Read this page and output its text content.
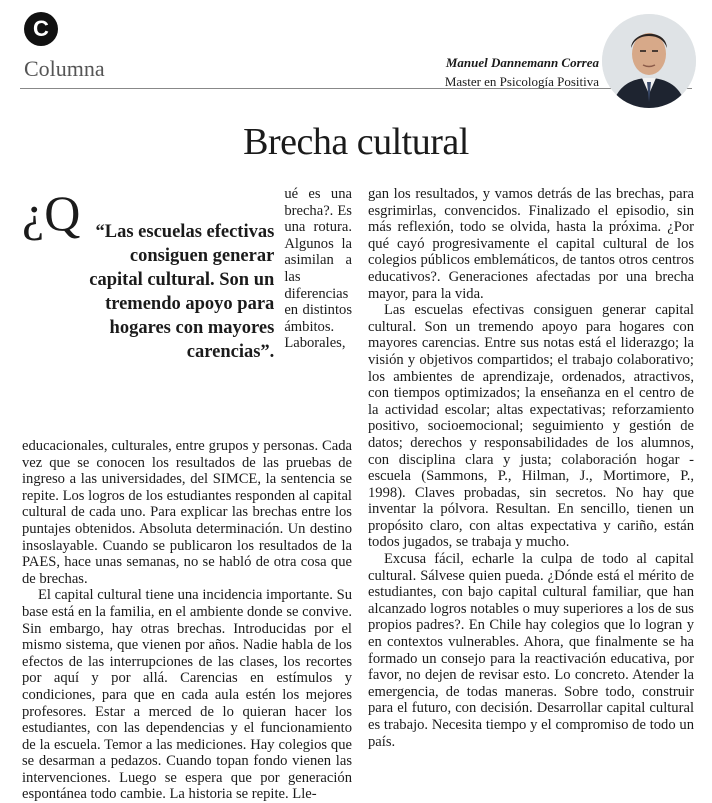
C
Columna	Manuel Dannemann Correa
Master en Psicología Positiva
Brecha cultural

¿Q “Las escuelas efectivas consiguen generar capital cultural. Son un tremendo apoyo para hogares con mayores carencias”.
ué es una brecha?. Es una rotura. Algunos la asimilan a las diferencias en distintos ámbitos. Laborales, educacionales, culturales, entre grupos y personas. Cada vez que se conocen los resultados de las pruebas de ingreso a las universidades, del SIMCE, la sentencia se repite. Los logros de los estudiantes responden al capital cultural de cada uno. Para explicar las brechas entre los puntajes obtenidos. Absoluta determinación. Un destino insoslayable. Cuando se publicaron los resultados de la PAES, hace unas semanas, no se habló de otra cosa que de brechas.

El capital cultural tiene una incidencia importante. Su base está en la familia, en el ambiente donde se convive. Sin embargo, hay otras brechas. Introducidas por el mismo sistema, que vienen por años. Nadie habla de los efectos de las interrupciones de las clases, los recortes por aquí y por allá. Carencias en estímulos y condiciones, para que en cada aula estén los mejores profesores. Estar a merced de lo quieran hacer los estudiantes, con las dependencias y el funcionamiento de la escuela. Temor a las mediciones. Hay colegios que se desarman a pedazos. Cuando topan fondo vienen las intervenciones. Luego se espera que por generación espontánea todo cambie. La historia se repite. Lle-

gan los resultados, y vamos detrás de las brechas, para esgrimirlas, convencidos. Finalizado el episodio, sin más reflexión, todo se olvida, hasta la próxima. ¿Por qué cayó progresivamente el capital cultural de los colegios públicos emblemáticos, de tantos otros centros educativos?. Generaciones afectadas por una brecha mayor, para la vida.

Las escuelas efectivas consiguen generar capital cultural. Son un tremendo apoyo para hogares con mayores carencias. Entre sus notas está el liderazgo; la visión y objetivos compartidos; el trabajo colaborativo; los ambientes de aprendizaje, ordenados, atractivos, con tiempos optimizados; la enseñanza en el centro de la actividad escolar; altas expectativas; reforzamiento positivo, socioemocional; seguimiento y gestión de datos; derechos y responsabilidades de los alumnos, con disciplina clara y justa; colaboración hogar - escuela (Sammons, P., Hilman, J., Mortimore, P., 1998). Claves probadas, sin secretos. No hay que inventar la pólvora. Resultan. En sencillo, tienen un propósito claro, con altas expectativa y cariño, están todos jugados, se trabaja y mucho.

Excusa fácil, echarle la culpa de todo al capital cultural. Sálvese quien pueda. ¿Dónde está el mérito de estudiantes, con bajo capital cultural familiar, que han alcanzado logros notables o muy superiores a los de sus propios padres?. En Chile hay colegios que lo logran y en contextos vulnerables. Ahora, que finalmente se ha formado un consejo para la reactivación educativa, por favor, no dejen de revisar esto. Lo concreto. Atender la emergencia, de todas maneras. Sobre todo, construir para el futuro, con decisión. Desarrollar capital cultural es trabajo. Necesita tiempo y el compromiso de todo un país.
